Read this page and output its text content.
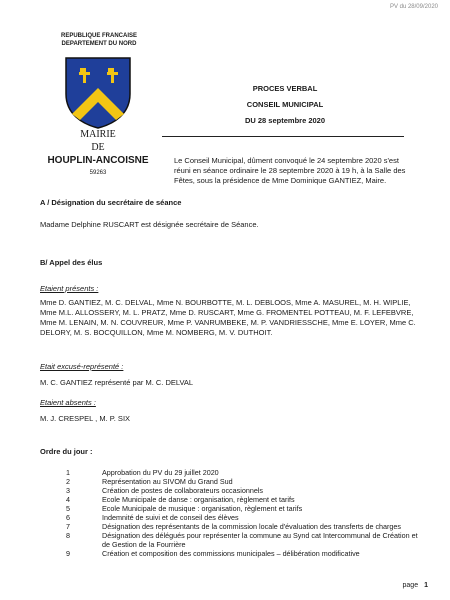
PV du 28/09/2020
REPUBLIQUE FRANCAISE
DEPARTEMENT DU NORD
MAIRIE
DE
HOUPLIN-ANCOISNE
59263
PROCES VERBAL
CONSEIL MUNICIPAL
DU 28 septembre 2020
Le Conseil Municipal, dûment convoqué le 24 septembre 2020 s'est réuni en séance ordinaire le 28 septembre 2020 à 19 h, à la Salle des Fêtes, sous la présidence de Mme Dominique GANTIEZ, Maire.
A / Désignation du secrétaire de séance
Madame Delphine RUSCART est désignée secrétaire de Séance.
B/ Appel des élus
Etaient présents :
Mme D. GANTIEZ, M. C. DELVAL, Mme N. BOURBOTTE, M. L. DEBLOOS, Mme A. MASUREL, M. H. WIPLIE, Mme M.L. ALLOSSERY, M. L. PRATZ, Mme D. RUSCART, Mme G. FROMENTEL POTTEAU, M. F. LEFEBVRE, Mme M. LENAIN, M. N. COUVREUR, Mme P. VANRUMBEKE, M. P. VANDRIESSCHE, Mme E. LOYER, Mme C. DELORY, M. S. BOCQUILLON, Mme M. NOMBERG, M. V. DUTHOIT.
Etait excusé-représenté :
M. C. GANTIEZ représenté par M. C. DELVAL
Etaient absents :
M. J. CRESPEL , M. P. SIX
Ordre du jour :
1	Approbation du PV du 29 juillet 2020
2	Représentation au SIVOM du Grand Sud
3	Création de postes de collaborateurs occasionnels
4	Ecole Municipale de danse : organisation, règlement et tarifs
5	Ecole Municipale de musique : organisation, règlement et tarifs
6	Indemnité de suivi et de conseil des élèves
7	Désignation des représentants de la commission locale d'évaluation des transferts de charges
8	Désignation des délégués pour représenter la commune au Synd cat Intercommunal de Création et de Gestion de la Fourrière
9	Création et composition des commissions municipales – délibération modificative
page 1
